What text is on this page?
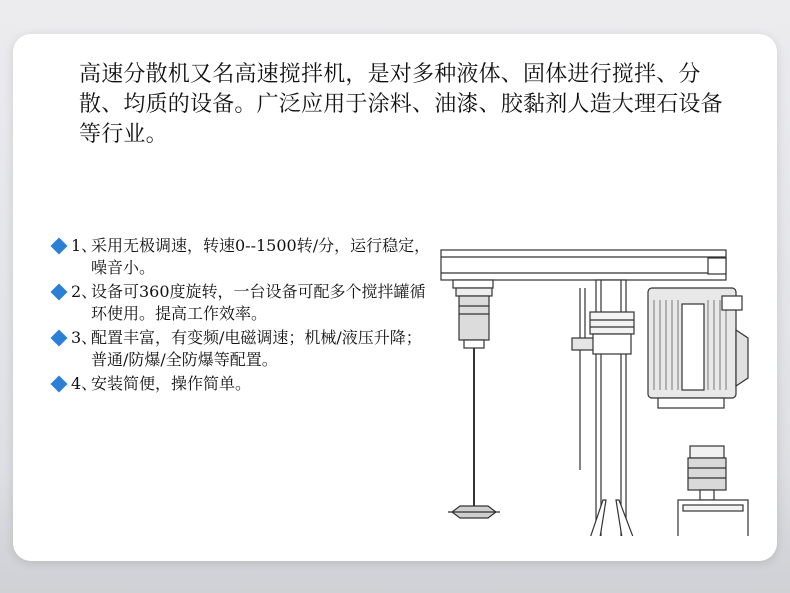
高速分散机又名高速搅拌机，是对多种液体、固体进行搅拌、分散、均质的设备。广泛应用于涂料、油漆、胶黏剂人造大理石设备等行业。

1、
采用无极调速，转速0--1500转/分，运行稳定，噪音小。
2、
设备可360度旋转，一台设备可配多个搅拌罐循环使用。提高工作效率。
3、
配置丰富，有变频/电磁调速；机械/液压升降；普通/防爆/全防爆等配置。
4、
安装简便，操作简单。
